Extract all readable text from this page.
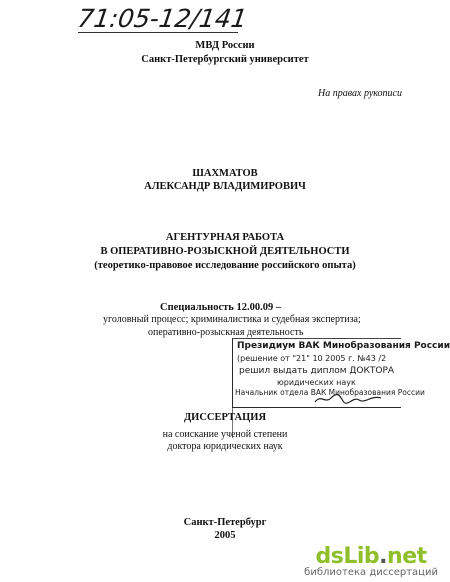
71:05-12/141
МВД России
Санкт-Петербургский университет
На правах рукописи
ШАХМАТОВ
АЛЕКСАНДР ВЛАДИМИРОВИЧ
АГЕНТУРНАЯ РАБОТА
В ОПЕРАТИВНО-РОЗЫСКНОЙ ДЕЯТЕЛЬНОСТИ
(теоретико-правовое исследование российского опыта)
Специальность 12.00.09 –
уголовный процесс; криминалистика и судебная экспертиза;
оперативно-розыскная деятельность
Президиум ВАК Минобразования России
(решение от "21" 10 2005 г. №43 /2
решил выдать диплом ДОКТОРА
юридических наук
Начальник отдела ВАК Минобразования России
ДИССЕРТАЦИЯ
на соискание ученой степени
доктора юридических наук
Санкт-Петербург
2005
dsLib.net
библиотека диссертаций
